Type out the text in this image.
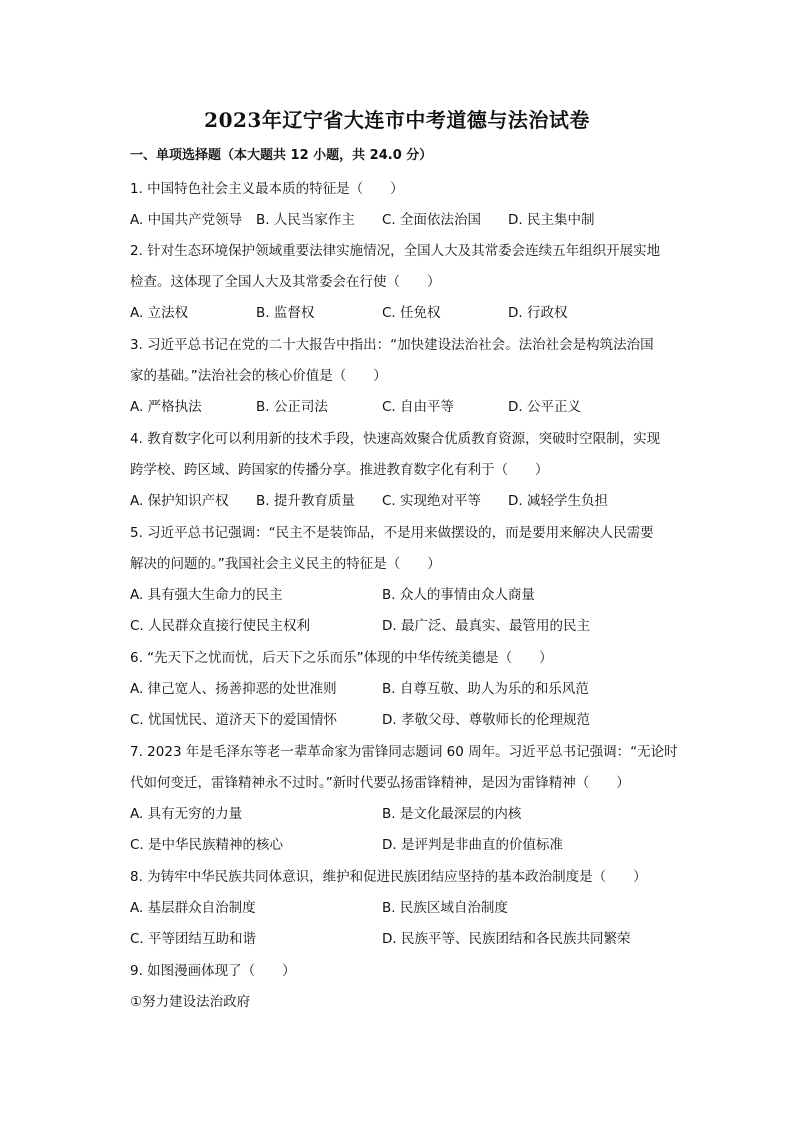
2023年辽宁省大连市中考道德与法治试卷
一、单项选择题（本大题共 12 小题，共 24.0 分）
1. 中国特色社会主义最本质的特征是（　　）
A. 中国共产党领导 B. 人民当家作主 C. 全面依法治国 D. 民主集中制
2. 针对生态环境保护领域重要法律实施情况，全国人大及其常委会连续五年组织开展实地
检查。这体现了全国人大及其常委会在行使（　　）
A. 立法权	B. 监督权	C. 任免权	D. 行政权
3. 习近平总书记在党的二十大报告中指出：“加快建设法治社会。法治社会是构筑法治国
家的基础。”法治社会的核心价值是（　　）
A. 严格执法	B. 公正司法	C. 自由平等	D. 公平正义
4. 教育数字化可以利用新的技术手段，快速高效聚合优质教育资源，突破时空限制，实现
跨学校、跨区域、跨国家的传播分享。推进教育数字化有利于（　　）
A. 保护知识产权 B. 提升教育质量 C. 实现绝对平等 D. 减轻学生负担
5. 习近平总书记强调：“民主不是装饰品，不是用来做摆设的，而是要用来解决人民需要
解决的问题的。”我国社会主义民主的特征是（　　）
A. 具有强大生命力的民主	B. 众人的事情由众人商量
C. 人民群众直接行使民主权利	D. 最广泛、最真实、最管用的民主
6. “先天下之忧而忧，后天下之乐而乐”体现的中华传统美德是（　　）
A. 律己宽人、扬善抑恶的处世准则	B. 自尊互敬、助人为乐的和乐风范
C. 忧国忧民、道济天下的爱国情怀	D. 孝敬父母、尊敬师长的伦理规范
7. 2023 年是毛泽东等老一辈革命家为雷锋同志题词 60 周年。习近平总书记强调：“无论时
代如何变迁，雷锋精神永不过时。”新时代要弘扬雷锋精神，是因为雷锋精神（　　）
A. 具有无穷的力量	B. 是文化最深层的内核
C. 是中华民族精神的核心	D. 是评判是非曲直的价值标准
8. 为铸牢中华民族共同体意识，维护和促进民族团结应坚持的基本政治制度是（　　）
A. 基层群众自治制度	B. 民族区域自治制度
C. 平等团结互助和谐	D. 民族平等、民族团结和各民族共同繁荣
9. 如图漫画体现了（　　）
①努力建设法治政府
